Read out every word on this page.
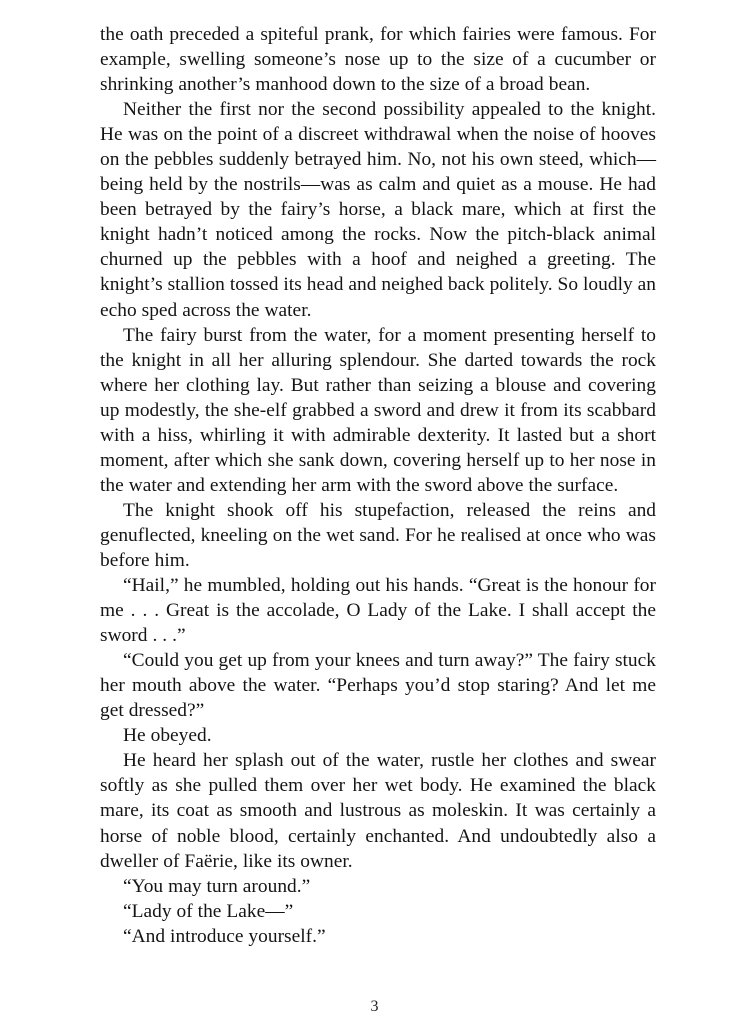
the oath preceded a spiteful prank, for which fairies were famous. For example, swelling someone’s nose up to the size of a cucumber or shrinking another’s manhood down to the size of a broad bean.

Neither the first nor the second possibility appealed to the knight. He was on the point of a discreet withdrawal when the noise of hooves on the pebbles suddenly betrayed him. No, not his own steed, which—being held by the nostrils—was as calm and quiet as a mouse. He had been betrayed by the fairy’s horse, a black mare, which at first the knight hadn’t noticed among the rocks. Now the pitch-black animal churned up the pebbles with a hoof and neighed a greeting. The knight’s stallion tossed its head and neighed back politely. So loudly an echo sped across the water.

The fairy burst from the water, for a moment presenting herself to the knight in all her alluring splendour. She darted towards the rock where her clothing lay. But rather than seizing a blouse and covering up modestly, the she-elf grabbed a sword and drew it from its scabbard with a hiss, whirling it with admirable dexterity. It lasted but a short moment, after which she sank down, covering herself up to her nose in the water and extending her arm with the sword above the surface.

The knight shook off his stupefaction, released the reins and genuflected, kneeling on the wet sand. For he realised at once who was before him.

“Hail,” he mumbled, holding out his hands. “Great is the honour for me . . . Great is the accolade, O Lady of the Lake. I shall accept the sword . . .”

“Could you get up from your knees and turn away?” The fairy stuck her mouth above the water. “Perhaps you’d stop staring? And let me get dressed?”

He obeyed.

He heard her splash out of the water, rustle her clothes and swear softly as she pulled them over her wet body. He examined the black mare, its coat as smooth and lustrous as moleskin. It was certainly a horse of noble blood, certainly enchanted. And undoubtedly also a dweller of Faërie, like its owner.

“You may turn around.”

“Lady of the Lake—”

“And introduce yourself.”

3
